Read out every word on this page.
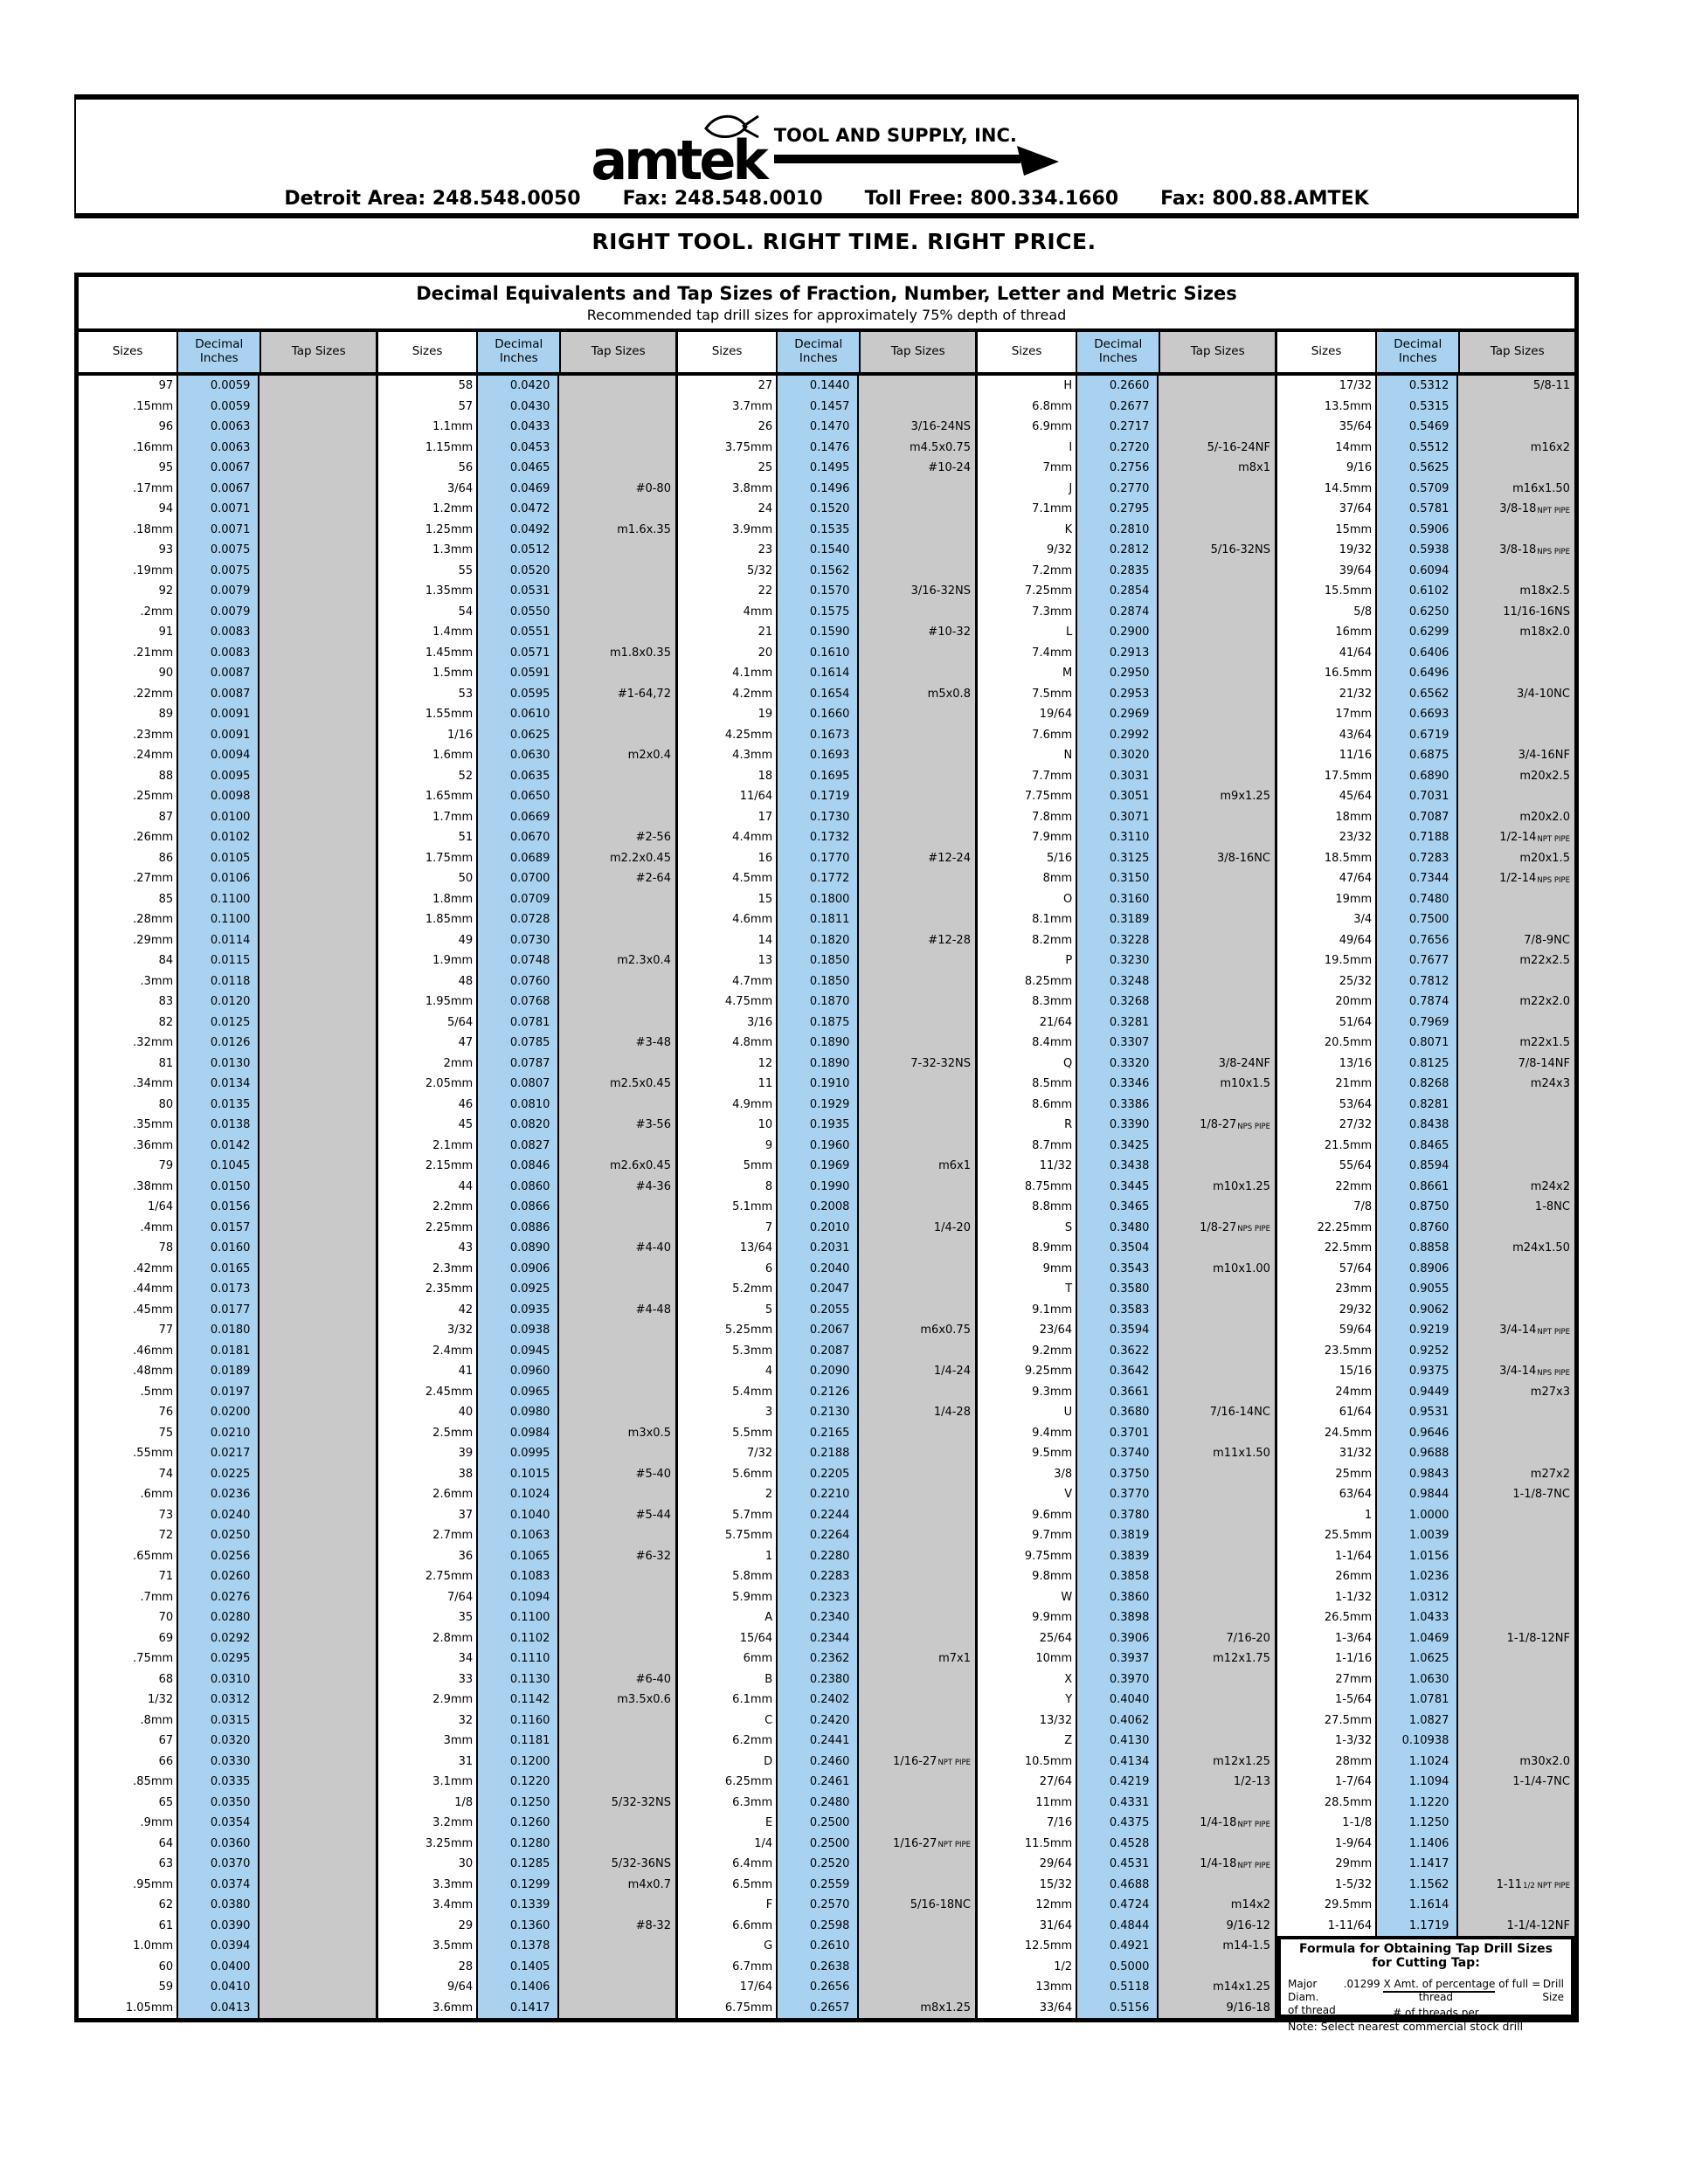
amtek TOOL AND SUPPLY, INC.
Detroit Area: 248.548.0050 Fax: 248.548.0010 Toll Free: 800.334.1660 Fax: 800.88.AMTEK
RIGHT TOOL. RIGHT TIME. RIGHT PRICE.
Decimal Equivalents and Tap Sizes of Fraction, Number, Letter and Metric Sizes
Recommended tap drill sizes for approximately 75% depth of thread
Sizes	Decimal Inches	Tap Sizes
97	0.0059
.15mm	0.0059
96	0.0063
.16mm	0.0063
95	0.0067
.17mm	0.0067
94	0.0071
.18mm	0.0071
93	0.0075
.19mm	0.0075
92	0.0079
.2mm	0.0079
91	0.0083
.21mm	0.0083
90	0.0087
.22mm	0.0087
89	0.0091
.23mm	0.0091
.24mm	0.0094
88	0.0095
.25mm	0.0098
87	0.0100
.26mm	0.0102
86	0.0105
.27mm	0.0106
85	0.1100
.28mm	0.1100
.29mm	0.0114
84	0.0115
.3mm	0.0118
83	0.0120
82	0.0125
.32mm	0.0126
81	0.0130
.34mm	0.0134
80	0.0135
.35mm	0.0138
.36mm	0.0142
79	0.1045
.38mm	0.0150
1/64	0.0156
.4mm	0.0157
78	0.0160
.42mm	0.0165
.44mm	0.0173
.45mm	0.0177
77	0.0180
.46mm	0.0181
.48mm	0.0189
.5mm	0.0197
76	0.0200
75	0.0210
.55mm	0.0217
74	0.0225
.6mm	0.0236
73	0.0240
72	0.0250
.65mm	0.0256
71	0.0260
.7mm	0.0276
70	0.0280
69	0.0292
.75mm	0.0295
68	0.0310
1/32	0.0312
.8mm	0.0315
67	0.0320
66	0.0330
.85mm	0.0335
65	0.0350
.9mm	0.0354
64	0.0360
63	0.0370
.95mm	0.0374
62	0.0380
61	0.0390
1.0mm	0.0394
60	0.0400
59	0.0410
1.05mm	0.0413
Sizes	Decimal Inches	Tap Sizes
58	0.0420
57	0.0430
1.1mm	0.0433
1.15mm	0.0453
56	0.0465
3/64	0.0469	#0-80
1.2mm	0.0472
1.25mm	0.0492	m1.6x.35
1.3mm	0.0512
55	0.0520
1.35mm	0.0531
54	0.0550
1.4mm	0.0551
1.45mm	0.0571	m1.8x0.35
1.5mm	0.0591
53	0.0595	#1-64,72
1.55mm	0.0610
1/16	0.0625
1.6mm	0.0630	m2x0.4
52	0.0635
1.65mm	0.0650
1.7mm	0.0669
51	0.0670	#2-56
1.75mm	0.0689	m2.2x0.45
50	0.0700	#2-64
1.8mm	0.0709
1.85mm	0.0728
49	0.0730
1.9mm	0.0748	m2.3x0.4
48	0.0760
1.95mm	0.0768
5/64	0.0781
47	0.0785	#3-48
2mm	0.0787
2.05mm	0.0807	m2.5x0.45
46	0.0810
45	0.0820	#3-56
2.1mm	0.0827
2.15mm	0.0846	m2.6x0.45
44	0.0860	#4-36
2.2mm	0.0866
2.25mm	0.0886
43	0.0890	#4-40
2.3mm	0.0906
2.35mm	0.0925
42	0.0935	#4-48
3/32	0.0938
2.4mm	0.0945
41	0.0960
2.45mm	0.0965
40	0.0980
2.5mm	0.0984	m3x0.5
39	0.0995
38	0.1015	#5-40
2.6mm	0.1024
37	0.1040	#5-44
2.7mm	0.1063
36	0.1065	#6-32
2.75mm	0.1083
7/64	0.1094
35	0.1100
2.8mm	0.1102
34	0.1110
33	0.1130	#6-40
2.9mm	0.1142	m3.5x0.6
32	0.1160
3mm	0.1181
31	0.1200
3.1mm	0.1220
1/8	0.1250	5/32-32NS
3.2mm	0.1260
3.25mm	0.1280
30	0.1285	5/32-36NS
3.3mm	0.1299	m4x0.7
3.4mm	0.1339
29	0.1360	#8-32
3.5mm	0.1378
28	0.1405
9/64	0.1406
3.6mm	0.1417
Sizes	Decimal Inches	Tap Sizes
27	0.1440
3.7mm	0.1457
26	0.1470	3/16-24NS
3.75mm	0.1476	m4.5x0.75
25	0.1495	#10-24
3.8mm	0.1496
24	0.1520
3.9mm	0.1535
23	0.1540
5/32	0.1562
22	0.1570	3/16-32NS
4mm	0.1575
21	0.1590	#10-32
20	0.1610
4.1mm	0.1614
4.2mm	0.1654	m5x0.8
19	0.1660
4.25mm	0.1673
4.3mm	0.1693
18	0.1695
11/64	0.1719
17	0.1730
4.4mm	0.1732
16	0.1770	#12-24
4.5mm	0.1772
15	0.1800
4.6mm	0.1811
14	0.1820	#12-28
13	0.1850
4.7mm	0.1850
4.75mm	0.1870
3/16	0.1875
4.8mm	0.1890
12	0.1890	7-32-32NS
11	0.1910
4.9mm	0.1929
10	0.1935
9	0.1960
5mm	0.1969	m6x1
8	0.1990
5.1mm	0.2008
7	0.2010	1/4-20
13/64	0.2031
6	0.2040
5.2mm	0.2047
5	0.2055
5.25mm	0.2067	m6x0.75
5.3mm	0.2087
4	0.2090	1/4-24
5.4mm	0.2126
3	0.2130	1/4-28
5.5mm	0.2165
7/32	0.2188
5.6mm	0.2205
2	0.2210
5.7mm	0.2244
5.75mm	0.2264
1	0.2280
5.8mm	0.2283
5.9mm	0.2323
A	0.2340
15/64	0.2344
6mm	0.2362	m7x1
B	0.2380
6.1mm	0.2402
C	0.2420
6.2mm	0.2441
D	0.2460	1/16-27 NPT PIPE
6.25mm	0.2461
6.3mm	0.2480
E	0.2500
1/4	0.2500	1/16-27 NPT PIPE
6.4mm	0.2520
6.5mm	0.2559
F	0.2570	5/16-18NC
6.6mm	0.2598
G	0.2610
6.7mm	0.2638
17/64	0.2656
6.75mm	0.2657	m8x1.25
Sizes	Decimal Inches	Tap Sizes
H	0.2660
6.8mm	0.2677
6.9mm	0.2717
I	0.2720	5/-16-24NF
7mm	0.2756	m8x1
J	0.2770
7.1mm	0.2795
K	0.2810
9/32	0.2812	5/16-32NS
7.2mm	0.2835
7.25mm	0.2854
7.3mm	0.2874
L	0.2900
7.4mm	0.2913
M	0.2950
7.5mm	0.2953
19/64	0.2969
7.6mm	0.2992
N	0.3020
7.7mm	0.3031
7.75mm	0.3051	m9x1.25
7.8mm	0.3071
7.9mm	0.3110
5/16	0.3125	3/8-16NC
8mm	0.3150
O	0.3160
8.1mm	0.3189
8.2mm	0.3228
P	0.3230
8.25mm	0.3248
8.3mm	0.3268
21/64	0.3281
8.4mm	0.3307
Q	0.3320	3/8-24NF
8.5mm	0.3346	m10x1.5
8.6mm	0.3386
R	0.3390	1/8-27 NPS PIPE
8.7mm	0.3425
11/32	0.3438
8.75mm	0.3445	m10x1.25
8.8mm	0.3465
S	0.3480	1/8-27 NPS PIPE
8.9mm	0.3504
9mm	0.3543	m10x1.00
T	0.3580
9.1mm	0.3583
23/64	0.3594
9.2mm	0.3622
9.25mm	0.3642
9.3mm	0.3661
U	0.3680	7/16-14NC
9.4mm	0.3701
9.5mm	0.3740	m11x1.50
3/8	0.3750
V	0.3770
9.6mm	0.3780
9.7mm	0.3819
9.75mm	0.3839
9.8mm	0.3858
W	0.3860
9.9mm	0.3898
25/64	0.3906	7/16-20
10mm	0.3937	m12x1.75
X	0.3970
Y	0.4040
13/32	0.4062
Z	0.4130
10.5mm	0.4134	m12x1.25
27/64	0.4219	1/2-13
11mm	0.4331
7/16	0.4375	1/4-18 NPT PIPE
11.5mm	0.4528
29/64	0.4531	1/4-18 NPT PIPE
15/32	0.4688
12mm	0.4724	m14x2
31/64	0.4844	9/16-12
12.5mm	0.4921	m14-1.5
1/2	0.5000
13mm	0.5118	m14x1.25
33/64	0.5156	9/16-18
Sizes	Decimal Inches	Tap Sizes
17/32	0.5312	5/8-11
13.5mm	0.5315
35/64	0.5469
14mm	0.5512	m16x2
9/16	0.5625
14.5mm	0.5709	m16x1.50
37/64	0.5781	3/8-18 NPT PIPE
15mm	0.5906
19/32	0.5938	3/8-18 NPS PIPE
39/64	0.6094
15.5mm	0.6102	m18x2.5
5/8	0.6250	11/16-16NS
16mm	0.6299	m18x2.0
41/64	0.6406
16.5mm	0.6496
21/32	0.6562	3/4-10NC
17mm	0.6693
43/64	0.6719
11/16	0.6875	3/4-16NF
17.5mm	0.6890	m20x2.5
45/64	0.7031
18mm	0.7087	m20x2.0
23/32	0.7188	1/2-14 NPT PIPE
18.5mm	0.7283	m20x1.5
47/64	0.7344	1/2-14 NPS PIPE
19mm	0.7480
3/4	0.7500
49/64	0.7656	7/8-9NC
19.5mm	0.7677	m22x2.5
25/32	0.7812
20mm	0.7874	m22x2.0
51/64	0.7969
20.5mm	0.8071	m22x1.5
13/16	0.8125	7/8-14NF
21mm	0.8268	m24x3
53/64	0.8281
27/32	0.8438
21.5mm	0.8465
55/64	0.8594
22mm	0.8661	m24x2
7/8	0.8750	1-8NC
22.25mm	0.8760
22.5mm	0.8858	m24x1.50
57/64	0.8906
23mm	0.9055
29/32	0.9062
59/64	0.9219	3/4-14 NPT PIPE
23.5mm	0.9252
15/16	0.9375	3/4-14 NPS PIPE
24mm	0.9449	m27x3
61/64	0.9531
24.5mm	0.9646
31/32	0.9688
25mm	0.9843	m27x2
63/64	0.9844	1-1/8-7NC
1	1.0000
25.5mm	1.0039
1-1/64	1.0156
26mm	1.0236
1-1/32	1.0312
26.5mm	1.0433
1-3/64	1.0469	1-1/8-12NF
1-1/16	1.0625
27mm	1.0630
1-5/64	1.0781
27.5mm	1.0827
1-3/32	0.10938
28mm	1.1024	m30x2.0
1-7/64	1.1094	1-1/4-7NC
28.5mm	1.1220
1-1/8	1.1250
1-9/64	1.1406
29mm	1.1417
1-5/32	1.1562	1-11 1/2 NPT PIPE
29.5mm	1.1614
1-11/64	1.1719	1-1/4-12NF
Formula for Obtaining Tap Drill Sizes for Cutting Tap:
Major Diam.
of thread
.01299 X Amt. of percentage of full thread
# of threads per
= Drill
Size
Note: Select nearest commercial stock drill
